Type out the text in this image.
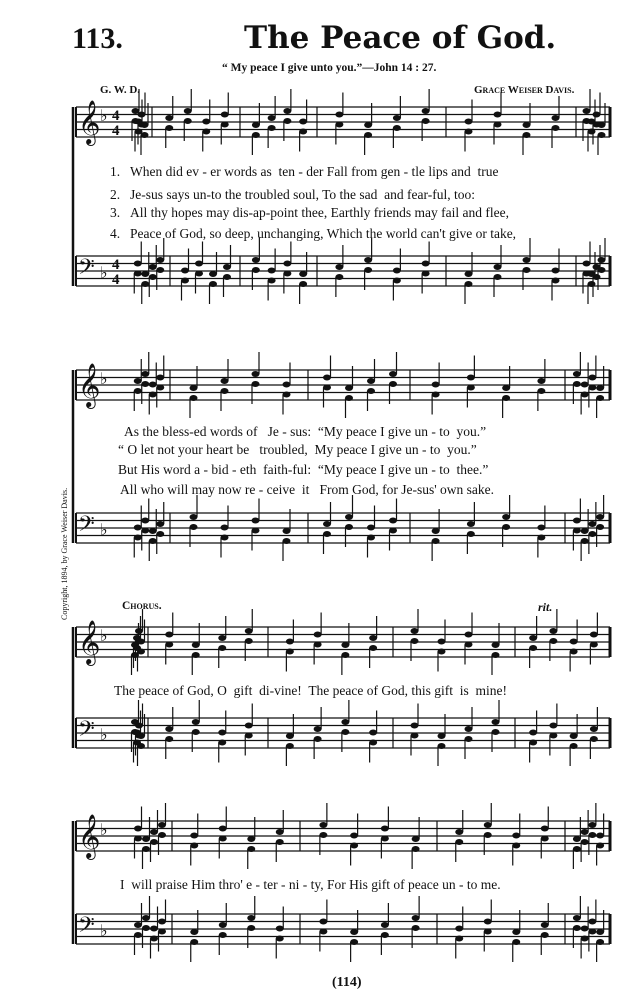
𝄞 ♭ 4
4
𝄢 ♭ 4
4
𝄞 ♭
𝄢 ♭
𝄞 ♭
𝄢 ♭
𝄞 ♭
𝄢 ♭
113.	The Peace of God.
“ My peace I give unto you.”—John 14 : 27.
G. W. D.	Grace Weiser Davis.
Copyright, 1894, by Grace Weiser Davis.
1. When did ev - er words as  ten - der Fall from gen - tle lips and  true
2. Je-sus says un-to the troubled soul, To the sad  and fear-ful, too:
3. All thy hopes may dis-ap-point thee, Earthly friends may fail and flee,
4. Peace of God, so deep, unchanging, Which the world can't give or take,
As the bless-ed words of   Je - sus:  “My peace I give un - to  you.”
“ O let not your heart be   troubled,  My peace I give un - to  you.”
But His word a - bid - eth  faith-ful:  “My peace I give un - to  thee.”
All who will may now re - ceive  it   From God, for Je-sus' own sake.
Chorus.	rit.
The peace of God, O  gift  di-vine!  The peace of God, this gift  is  mine!
I  will praise Him thro' e - ter - ni - ty, For His gift of peace un - to me.
(114)
